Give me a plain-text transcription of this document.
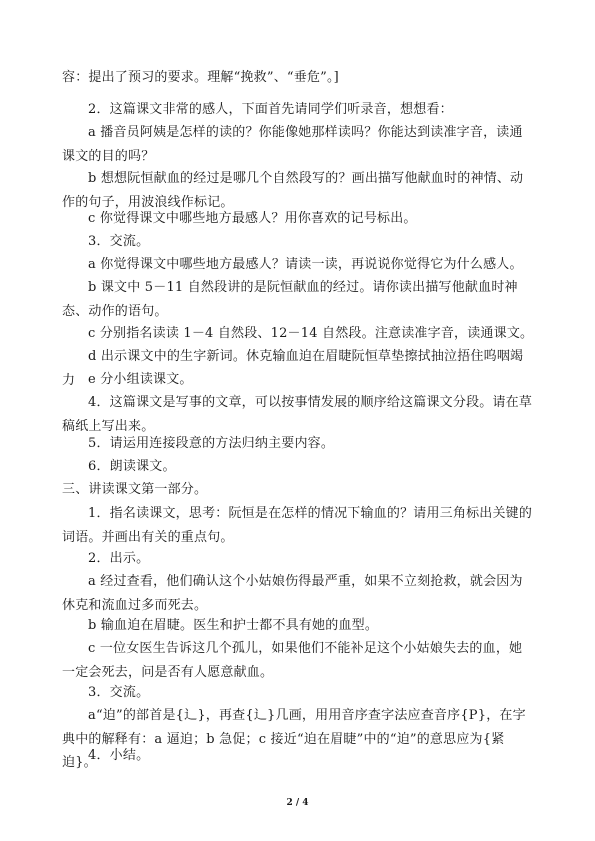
容：提出了预习的要求。理解“挽救”、“垂危”。]

2．这篇课文非常的感人，下面首先请同学们听录音，想想看：

a 播音员阿姨是怎样的读的？你能像她那样读吗？你能达到读准字音，读通课文的目的吗？

b 想想阮恒献血的经过是哪几个自然段写的？画出描写他献血时的神情、动作的句子，用波浪线作标记。

c 你觉得课文中哪些地方最感人？用你喜欢的记号标出。

3．交流。

a 你觉得课文中哪些地方最感人？请读一读，再说说你觉得它为什么感人。

b 课文中 5－11 自然段讲的是阮恒献血的经过。请你读出描写他献血时神态、动作的语句。

c 分别指名读读 1－4 自然段、12－14 自然段。注意读准字音，读通课文。

d 出示课文中的生字新词。休克输血迫在眉睫阮恒草垫擦拭抽泣捂住呜咽竭力 e 分小组读课文。

4．这篇课文是写事的文章，可以按事情发展的顺序给这篇课文分段。请在草稿纸上写出来。

5．请运用连接段意的方法归纳主要内容。

6．朗读课文。

三、讲读课文第一部分。

1．指名读课文，思考：阮恒是在怎样的情况下输血的？请用三角标出关键的词语。并画出有关的重点句。

2．出示。

a 经过查看，他们确认这个小姑娘伤得最严重，如果不立刻抢救，就会因为休克和流血过多而死去。

b 输血迫在眉睫。医生和护士都不具有她的血型。

c 一位女医生告诉这几个孤儿，如果他们不能补足这个小姑娘失去的血，她一定会死去，问是否有人愿意献血。

3．交流。

a“迫”的部首是{辶}，再查{辶}几画，用用音序查字法应查音序{P}，在字典中的解释有：a 逼迫；b 急促；c 接近“迫在眉睫”中的“迫”的意思应为{紧迫}。

4．小结。

2 / 4
